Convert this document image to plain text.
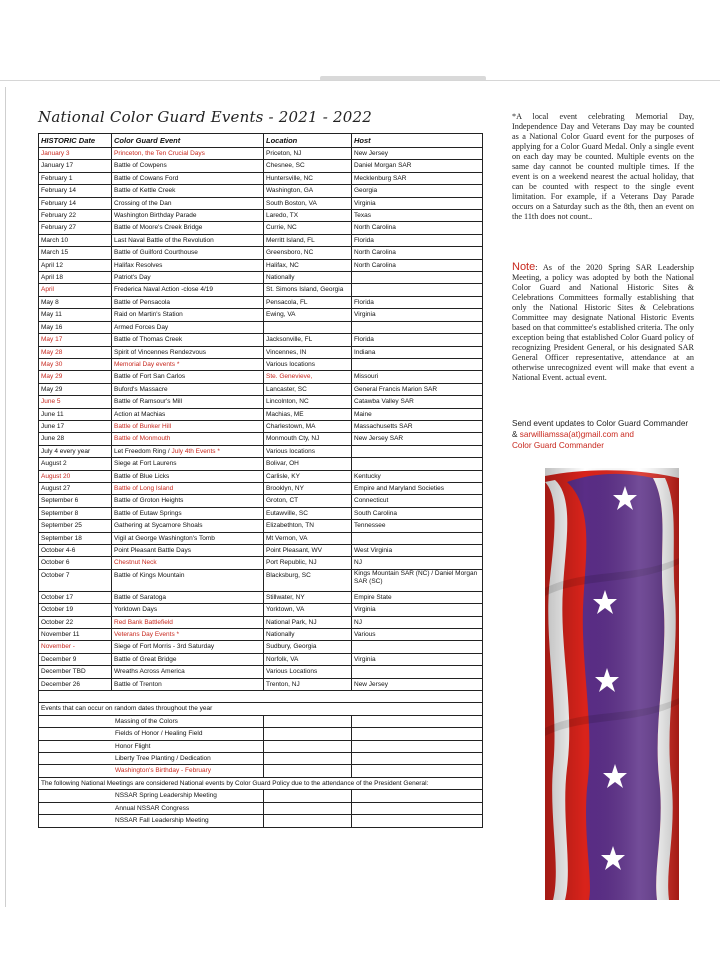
National Color Guard Events - 2021 - 2022
HISTORIC Date	Color Guard Event	Location	Host
January 3	Princeton, the Ten Crucial Days	Priceton, NJ	New Jersey
January 17	Battle of Cowpens	Chesnee, SC	Daniel Morgan SAR
February 1	Battle of Cowans Ford	Huntersville, NC	Mecklenburg SAR
February 14	Battle of Kettle Creek	Washington, GA	Georgia
February 14	Crossing of the Dan	South Boston, VA	Virginia
February 22	Washington Birthday Parade	Laredo, TX	Texas
February 27	Battle of Moore's Creek Bridge	Currie, NC	North Carolina
March 10	Last Naval Battle of the Revolution	Merritt Island, FL	Florida
March 15	Battle of Guilford Courthouse	Greensboro, NC	North Carolina
April 12	Halifax Resolves	Halifax, NC	North Carolina
April 18	Patriot's Day	Nationally	
April	Frederica Naval Action -close 4/19	St. Simons Island, Georgia	
May 8	Battle of Pensacola	Pensacola, FL	Florida
May 11	Raid on Martin's Station	Ewing, VA	Virginia
May 16	Armed Forces Day		
May 17	Battle of Thomas Creek	Jacksonville, FL	Florida
May 28	Spirit of Vincennes Rendezvous	Vincennes, IN	Indiana
May 30	Memorial Day events *	Various locations	
May 29	Battle of Fort San Carlos	Ste. Genevieve,	Missouri
May 29	Buford's Massacre	Lancaster, SC	General Francis Marion SAR
June 5	Battle of Ramsour's Mill	Lincolnton, NC	Catawba Valley SAR
June 11	Action at Machias	Machias, ME	Maine
June 17	Battle of Bunker Hill	Charlestown, MA	Massachusetts SAR
June 28	Battle of Monmouth	Monmouth Cty, NJ	New Jersey SAR
July 4 every year	Let Freedom Ring / July 4th Events *	Various locations	
August 2	Siege at Fort Laurens	Bolivar, OH	
August 20	Battle of Blue Licks	Carlisle, KY	Kentucky
August 27	Battle of Long Island	Brooklyn, NY	Empire and Maryland Societies
September 6	Battle of Groton Heights	Groton, CT	Connecticut
September 8	Battle of Eutaw Springs	Eutawville, SC	South Carolina
September 25	Gathering at Sycamore Shoals	Elizabethton, TN	Tennessee
September 18	Vigil at George Washington's Tomb	Mt Vernon, VA	
October 4-6	Point Pleasant Battle Days	Point Pleasant, WV	West Virginia
October 6	Chestnut Neck	Port Republic, NJ	NJ
October 7	Battle of Kings Mountain	Blacksburg, SC	Kings Mountain SAR (NC) / Daniel Morgan SAR (SC)
October 17	Battle of Saratoga	Stillwater, NY	Empire State
October 19	Yorktown Days	Yorktown, VA	Virginia
October 22	Red Bank Battlefield	National Park, NJ	NJ
November 11	Veterans Day Events *	Nationally	Various
November -	Siege of Fort Morris - 3rd Saturday	Sudbury, Georgia	
December 9	Battle of Great Bridge	Norfolk, VA	Virginia
December TBD	Wreaths Across America	Various Locations	
December 26	Battle of Trenton	Trenton, NJ	New Jersey

Events that can occur on random dates throughout the year			
Massing of the Colors			
Fields of Honor / Healing Field			
Honor Flight			
Liberty Tree Planting / Dedication			
Washington's Birthday - February			
The following National Meetings are considered National events by Color Guard Policy due to the attendance of the President General:			
NSSAR Spring Leadership Meeting			
Annual NSSAR Congress			
NSSAR Fall Leadership Meeting			
*A local event celebrating Memorial Day, Independence Day and Veterans Day may be counted as a National Color Guard event for the purposes of applying for a Color Guard Medal. Only a single event on each day may be counted. Multiple events on the same day cannot be counted multiple times. If the event is on a weekend nearest the actual holiday, that can be counted with respect to the single event limitation. For example, if a Veterans Day Parade occurs on a Saturday such as the 8th, then an event on the 11th does not count..
Note: As of the 2020 Spring SAR Leadership Meeting, a policy was adopted by both the National Color Guard and National Historic Sites & Celebrations Committees formally establishing that only the National Historic Sites & Celebrations Committee may designate National Historic Events based on that committee's established criteria. The only exception being that established Color Guard policy of recognizing President General, or his designated SAR General Officer representative, attendance at an otherwise unrecognized event will make that event a National Event. actual event.
Send event updates to Color Guard Commander & sarwilliamssa(at)gmail.com and
Color Guard Commander
